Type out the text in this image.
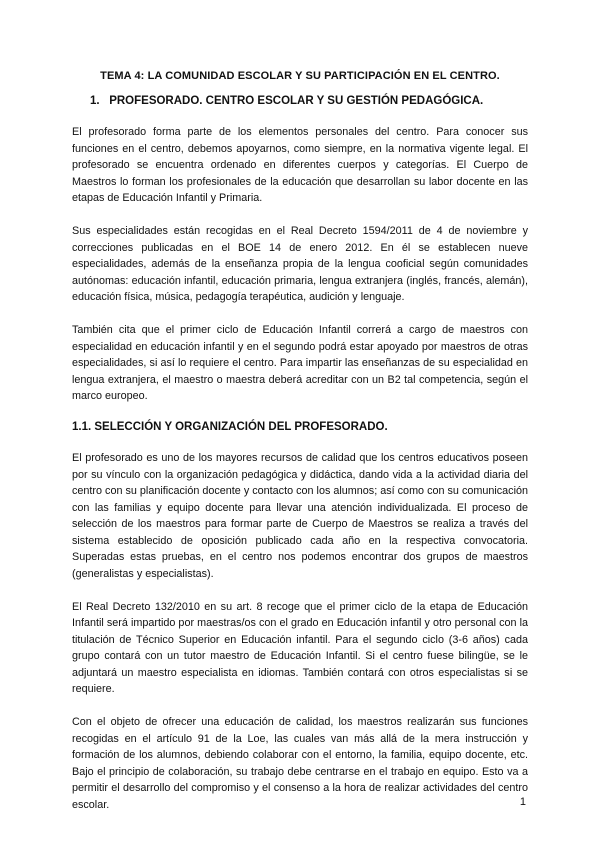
TEMA 4: LA COMUNIDAD ESCOLAR Y SU PARTICIPACIÓN EN EL CENTRO.
1. PROFESORADO. CENTRO ESCOLAR Y SU GESTIÓN PEDAGÓGICA.

El profesorado forma parte de los elementos personales del centro. Para conocer sus funciones en el centro, debemos apoyarnos, como siempre, en la normativa vigente legal. El profesorado se encuentra ordenado en diferentes cuerpos y categorías. El Cuerpo de Maestros lo forman los profesionales de la educación que desarrollan su labor docente en las etapas de Educación Infantil y Primaria.

Sus especialidades están recogidas en el Real Decreto 1594/2011 de 4 de noviembre y correcciones publicadas en el BOE 14 de enero 2012. En él se establecen nueve especialidades, además de la enseñanza propia de la lengua cooficial según comunidades autónomas: educación infantil, educación primaria, lengua extranjera (inglés, francés, alemán), educación física, música, pedagogía terapéutica, audición y lenguaje.

También cita que el primer ciclo de Educación Infantil correrá a cargo de maestros con especialidad en educación infantil y en el segundo podrá estar apoyado por maestros de otras especialidades, si así lo requiere el centro. Para impartir las enseñanzas de su especialidad en lengua extranjera, el maestro o maestra deberá acreditar con un B2 tal competencia, según el marco europeo.

1.1. SELECCIÓN Y ORGANIZACIÓN DEL PROFESORADO.

El profesorado es uno de los mayores recursos de calidad que los centros educativos poseen por su vínculo con la organización pedagógica y didáctica, dando vida a la actividad diaria del centro con su planificación docente y contacto con los alumnos; así como con su comunicación con las familias y equipo docente para llevar una atención individualizada. El proceso de selección de los maestros para formar parte de Cuerpo de Maestros se realiza a través del sistema establecido de oposición publicado cada año en la respectiva convocatoria. Superadas estas pruebas, en el centro nos podemos encontrar dos grupos de maestros (generalistas y especialistas).

El Real Decreto 132/2010 en su art. 8 recoge que el primer ciclo de la etapa de Educación Infantil será impartido por maestras/os con el grado en Educación infantil y otro personal con la titulación de Técnico Superior en Educación infantil. Para el segundo ciclo (3-6 años) cada grupo contará con un tutor maestro de Educación Infantil. Si el centro fuese bilingüe, se le adjuntará un maestro especialista en idiomas. También contará con otros especialistas si se requiere.

Con el objeto de ofrecer una educación de calidad, los maestros realizarán sus funciones recogidas en el artículo 91 de la Loe, las cuales van más allá de la mera instrucción y formación de los alumnos, debiendo colaborar con el entorno, la familia, equipo docente, etc. Bajo el principio de colaboración, su trabajo debe centrarse en el trabajo en equipo. Esto va a permitir el desarrollo del compromiso y el consenso a la hora de realizar actividades del centro escolar.	1
